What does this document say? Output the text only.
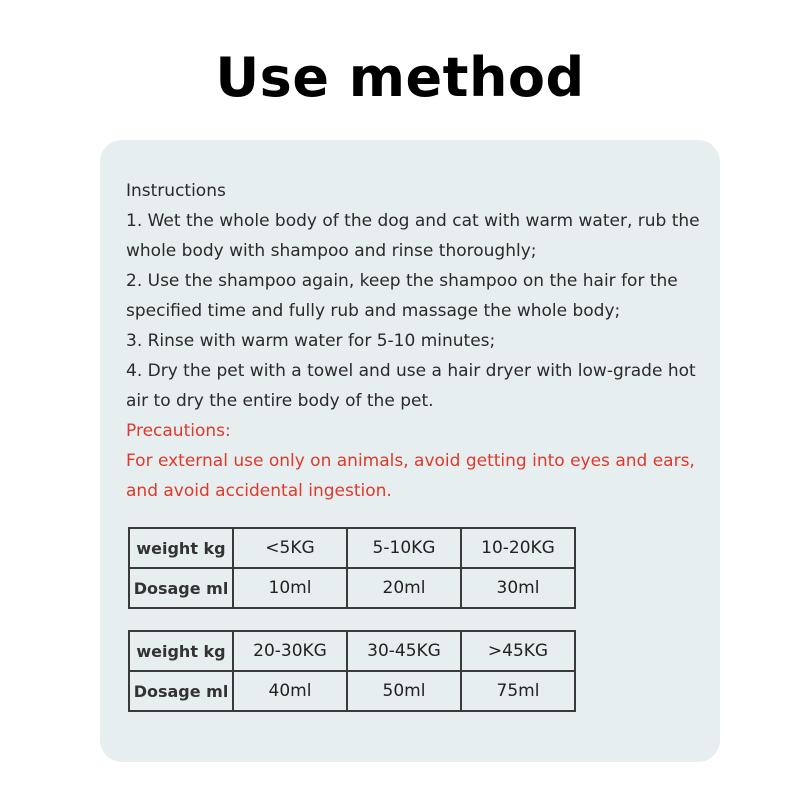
Use method

Instructions

1. Wet the whole body of the dog and cat with warm water, rub the

whole body with shampoo and rinse thoroughly;

2. Use the shampoo again, keep the shampoo on the hair for the

specified time and fully rub and massage the whole body;

3. Rinse with warm water for 5-10 minutes;

4. Dry the pet with a towel and use a hair dryer with low-grade hot

air to dry the entire body of the pet.

Precautions:

For external use only on animals, avoid getting into eyes and ears,

and avoid accidental ingestion.

weight kg	<5KG	5-10KG	10-20KG
Dosage ml	10ml	20ml	30ml
weight kg	20-30KG	30-45KG	>45KG
Dosage ml	40ml	50ml	75ml
